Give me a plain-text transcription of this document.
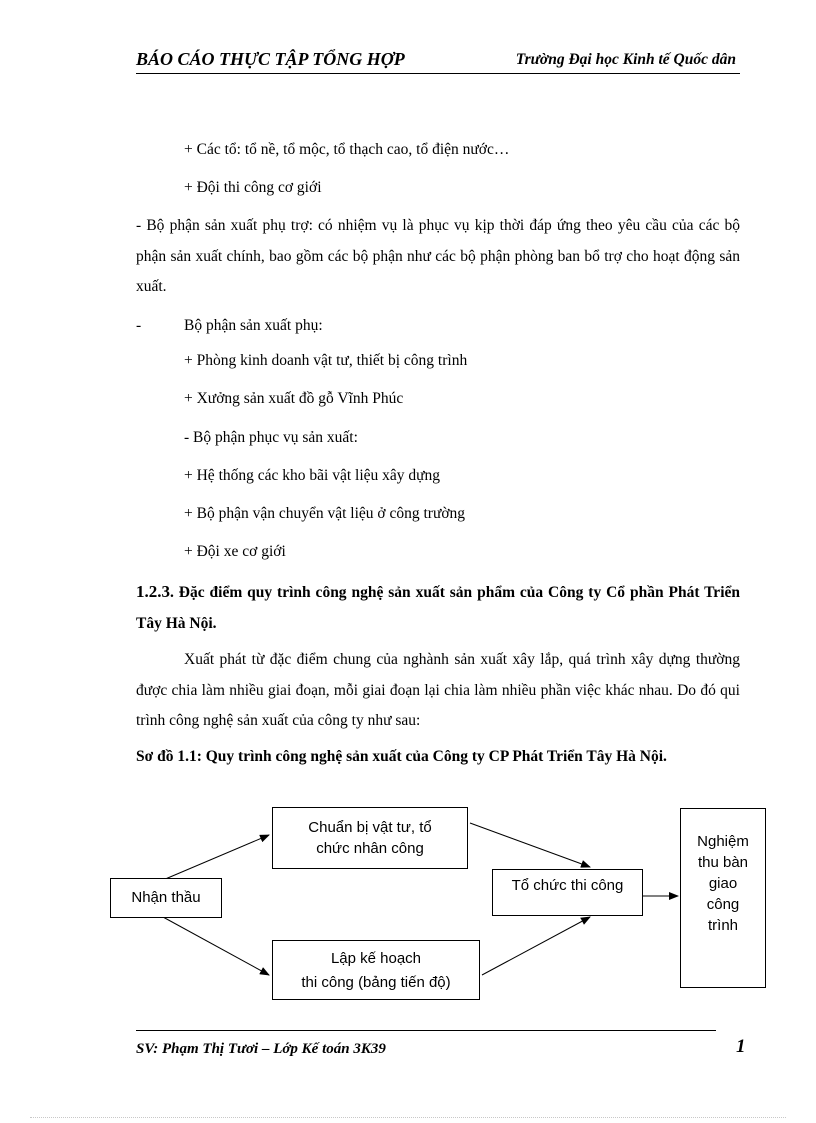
BÁO CÁO THỰC TẬP TỔNG HỢP	Trường Đại học Kinh tế Quốc dân
+ Các tổ: tổ nề, tổ mộc, tổ thạch cao, tổ điện nước…
+ Đội thi công cơ giới
- Bộ phận sản xuất phụ trợ: có nhiệm vụ là phục vụ kịp thời đáp ứng theo yêu cầu của các bộ phận sản xuất chính, bao gồm các bộ phận như các bộ phận phòng ban bổ trợ cho hoạt động sản xuất.
-	Bộ phận sản xuất phụ:
+ Phòng kinh doanh vật tư, thiết bị công trình
+ Xưởng sản xuất đồ gỗ Vĩnh Phúc
- Bộ phận phục vụ sản xuất:
+ Hệ thống các kho bãi vật liệu xây dựng
+ Bộ phận vận chuyển vật liệu ở công trường
+ Đội xe cơ giới
1.2.3. Đặc điểm quy trình công nghệ sản xuất sản phẩm của Công ty Cổ phần Phát Triển Tây Hà Nội.
Xuất phát từ đặc điểm chung của nghành sản xuất xây lắp, quá trình xây dựng thường được chia làm nhiều giai đoạn, mỗi giai đoạn lại chia làm nhiều phần việc khác nhau. Do đó qui trình công nghệ sản xuất của công ty như sau:
Sơ đồ 1.1: Quy trình công nghệ sản xuất của Công ty CP Phát Triển Tây Hà Nội.
Nhận thầu
Chuẩn bị vật tư, tổ
chức nhân công
Lập kế hoạch
thi công (bảng tiến độ)
Tổ chức thi công
Nghiệm
thu bàn
giao
công
trình
SV: Phạm Thị Tươi – Lớp Kế toán 3K39	1
